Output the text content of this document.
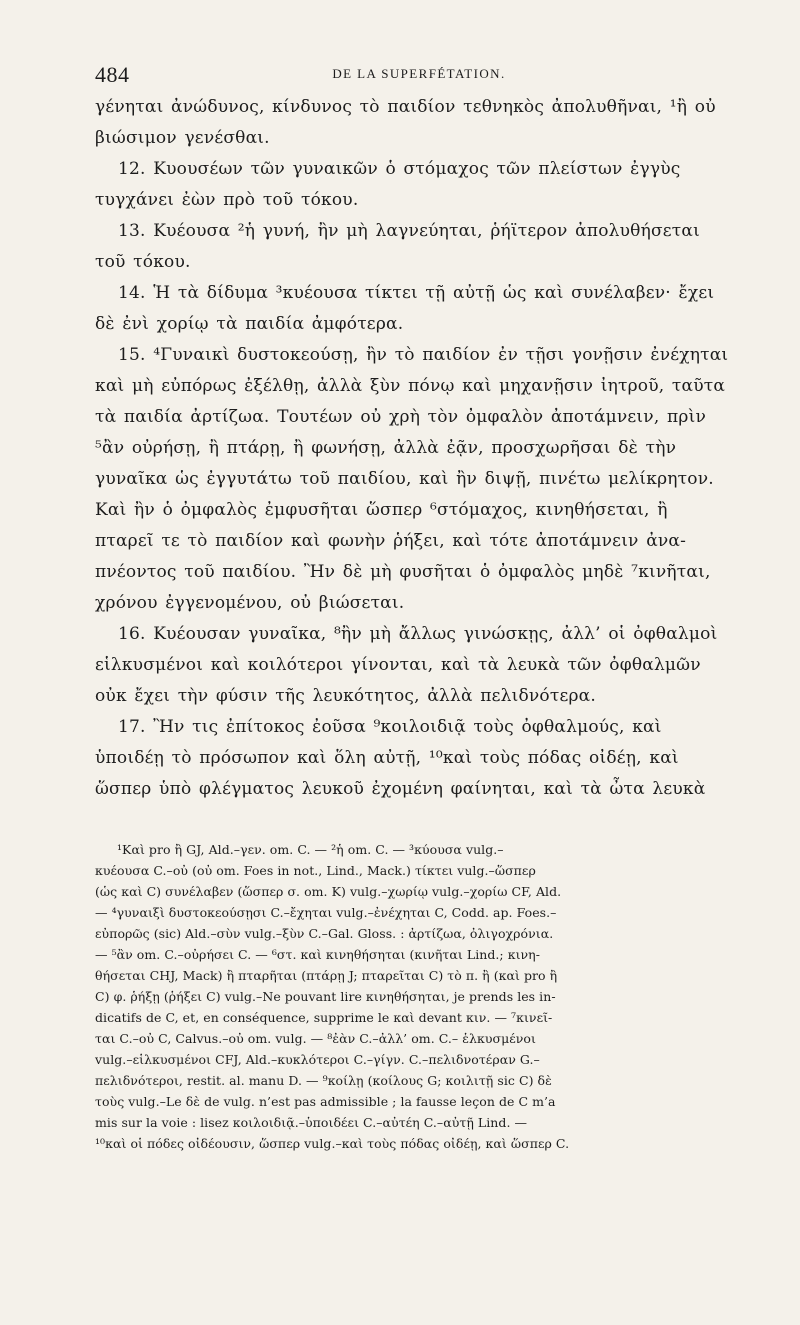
484	DE LA SUPERFÉTATION.

γένηται ἀνώδυνος, κίνδυνος τὸ παιδίον τεθνηκὸς ἀπολυθῆναι, ¹ἢ οὐ

βιώσιμον γενέσθαι.

12. Κυουσέων τῶν γυναικῶν ὁ στόμαχος τῶν πλείστων ἐγγὺς

τυγχάνει ἐὼν πρὸ τοῦ τόκου.

13. Κυέουσα ²ἡ γυνή, ἢν μὴ λαγνεύηται, ῥήϊτερον ἀπολυθήσεται

τοῦ τόκου.

14. Ἡ τὰ δίδυμα ³κυέουσα τίκτει τῇ αὐτῇ ὡς καὶ συνέλαβεν· ἔχει

δὲ ἐνὶ χορίῳ τὰ παιδία ἀμφότερα.

15. ⁴Γυναικὶ δυστοκεούσῃ, ἢν τὸ παιδίον ἐν τῇσι γονῇσιν ἐνέχηται

καὶ μὴ εὐπόρως ἐξέλθῃ, ἀλλὰ ξὺν πόνῳ καὶ μηχανῇσιν ἰητροῦ, ταῦτα

τὰ παιδία ἀρτίζωα. Τουτέων οὐ χρὴ τὸν ὀμφαλὸν ἀποτάμνειν, πρὶν

⁵ἂν οὐρήσῃ, ἢ πτάρῃ, ἢ φωνήσῃ, ἀλλὰ ἐᾷν, προσχωρῆσαι δὲ τὴν

γυναῖκα ὡς ἐγγυτάτω τοῦ παιδίου, καὶ ἢν διψῇ, πινέτω μελίκρητον.

Καὶ ἢν ὁ ὀμφαλὸς ἐμφυσῆται ὥσπερ ⁶στόμαχος, κινηθήσεται, ἢ

πταρεῖ τε τὸ παιδίον καὶ φωνὴν ῥήξει, καὶ τότε ἀποτάμνειν ἀνα-

πνέοντος τοῦ παιδίου. Ἢν δὲ μὴ φυσῆται ὁ ὀμφαλὸς μηδὲ ⁷κινῆται,

χρόνου ἐγγενομένου, οὐ βιώσεται.

16. Κυέουσαν γυναῖκα, ⁸ἢν μὴ ἄλλως γινώσκῃς, ἀλλ’ οἱ ὀφθαλμοὶ

εἱλκυσμένοι καὶ κοιλότεροι γίνονται, καὶ τὰ λευκὰ τῶν ὀφθαλμῶν

οὐκ ἔχει τὴν φύσιν τῆς λευκότητος, ἀλλὰ πελιδνότερα.

17. Ἢν τις ἐπίτοκος ἐοῦσα ⁹κοιλοιδιᾷ τοὺς ὀφθαλμούς, καὶ

ὑποιδέῃ τὸ πρόσωπον καὶ ὅλη αὐτῇ, ¹⁰καὶ τοὺς πόδας οἰδέῃ, καὶ

ὥσπερ ὑπὸ φλέγματος λευκοῦ ἐχομένη φαίνηται, καὶ τὰ ὦτα λευκὰ

¹Καὶ pro ἢ GJ, Ald.–γεν. om. C. — ²ἡ om. C. — ³κύουσα vulg.–

κυέουσα C.–οὐ (οὐ om. Foes in not., Lind., Mack.) τίκτει vulg.–ὥσπερ

(ὡς καὶ C) συνέλαβεν (ὥσπερ σ. om. K) vulg.–χωρίῳ vulg.–χορίω CF, Ald.

— ⁴γυναιξὶ δυστοκεούσῃσι C.–ἔχηται vulg.–ἐνέχηται C, Codd. ap. Foes.–

εὐπορῶς (sic) Ald.–σὺν vulg.–ξὺν C.–Gal. Gloss. : ἀρτίζωα, ὀλιγοχρόνια.

— ⁵ἂν om. C.–οὐρήσει C. — ⁶στ. καὶ κινηθήσηται (κινῆται Lind.; κινη-

θήσεται CHJ, Mack) ἢ πταρῆται (πτάρῃ J; πταρεῖται C) τὸ π. ἢ (καὶ pro ἢ

C) φ. ῥήξῃ (ῥήξει C) vulg.–Ne pouvant lire κινηθήσηται, je prends les in-

dicatifs de C, et, en conséquence, supprime le καὶ devant κιν. — ⁷κινεῖ-

ται C.–οὐ C, Calvus.–οὐ om. vulg. — ⁸ἐὰν C.–ἀλλ’ om. C.– ἑλκυσμένοι

vulg.–εἱλκυσμένοι CFJ, Ald.–κυκλότεροι C.–γίγν. C.–πελιδνοτέραν G.–

πελιδνότεροι, restit. al. manu D. — ⁹κοίλῃ (κοίλους G; κοιλιτῇ sic C) δὲ

τοὺς vulg.–Le δὲ de vulg. n’est pas admissible ; la fausse leçon de C m’a

mis sur la voie : lisez κοιλοιδιᾷ.–ὑποιδέει C.–αὐτέη C.–αὐτῇ Lind. —

¹⁰καὶ οἱ πόδες οἰδέουσιν, ὥσπερ vulg.–καὶ τοὺς πόδας οἰδέῃ, καὶ ὥσπερ C.
